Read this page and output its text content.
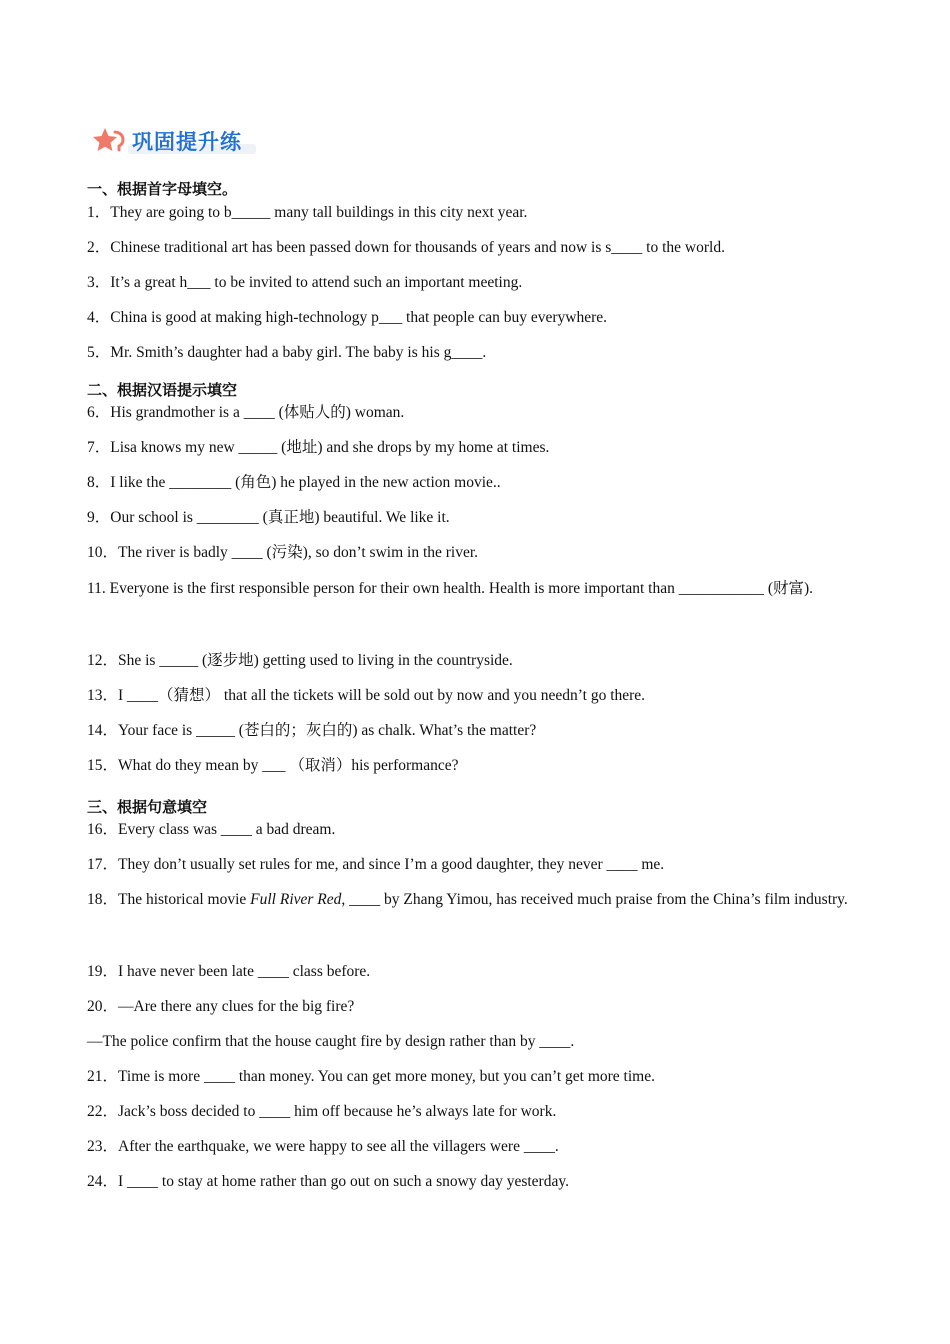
巩固提升练
一、根据首字母填空。
1．They are going to b_____ many tall buildings in this city next year.
2．Chinese traditional art has been passed down for thousands of years and now is s____ to the world.
3．It’s a great h___ to be invited to attend such an important meeting.
4．China is good at making high-technology p___ that people can buy everywhere.
5．Mr. Smith’s daughter had a baby girl. The baby is his g____.
二、根据汉语提示填空
6．His grandmother is a ____ (体贴人的) woman.
7．Lisa knows my new _____ (地址) and she drops by my home at times.
8．I like the ________ (角色) he played in the new action movie..
9．Our school is ________ (真正地) beautiful. We like it.
10．The river is badly ____ (污染), so don’t swim in the river.
11. Everyone is the first responsible person for their own health. Health is more important than ___________ (财富).
12．She is _____ (逐步地) getting used to living in the countryside.
13．I ____（猜想） that all the tickets will be sold out by now and you needn’t go there.
14．Your face is _____ (苍白的；灰白的) as chalk. What’s the matter?
15．What do they mean by ___ （取消）his performance?
三、根据句意填空
16．Every class was ____ a bad dream.
17．They don’t usually set rules for me, and since I’m a good daughter, they never ____ me.
18．The historical movie Full River Red, ____ by Zhang Yimou, has received much praise from the China’s film industry.
19．I have never been late ____ class before.
20．—Are there any clues for the big fire?
—The police confirm that the house caught fire by design rather than by ____.
21．Time is more ____ than money. You can get more money, but you can’t get more time.
22．Jack’s boss decided to ____ him off because he’s always late for work.
23．After the earthquake, we were happy to see all the villagers were ____.
24．I ____ to stay at home rather than go out on such a snowy day yesterday.
